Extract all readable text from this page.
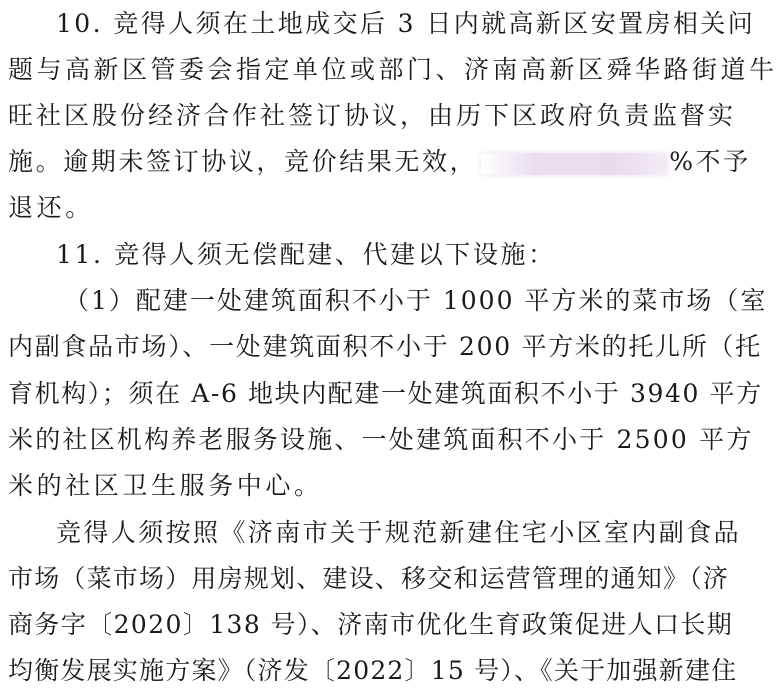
10. 竞得人须在土地成交后 3 日内就高新区安置房相关问
题与高新区管委会指定单位或部门、济南高新区舜华路街道牛
旺社区股份经济合作社签订协议，由历下区政府负责监督实
施。逾期未签订协议，竞价结果无效，	%不予
退还。
11. 竞得人须无偿配建、代建以下设施：
（1）配建一处建筑面积不小于 1000 平方米的菜市场（室
内副食品市场）、一处建筑面积不小于 200 平方米的托儿所（托
育机构）；须在 A-6 地块内配建一处建筑面积不小于 3940 平方
米的社区机构养老服务设施、一处建筑面积不小于 2500 平方
米的社区卫生服务中心。
竞得人须按照《济南市关于规范新建住宅小区室内副食品
市场（菜市场）用房规划、建设、移交和运营管理的通知》（济
商务字〔2020〕138 号）、济南市优化生育政策促进人口长期
均衡发展实施方案》（济发〔2022〕15 号）、《关于加强新建住
